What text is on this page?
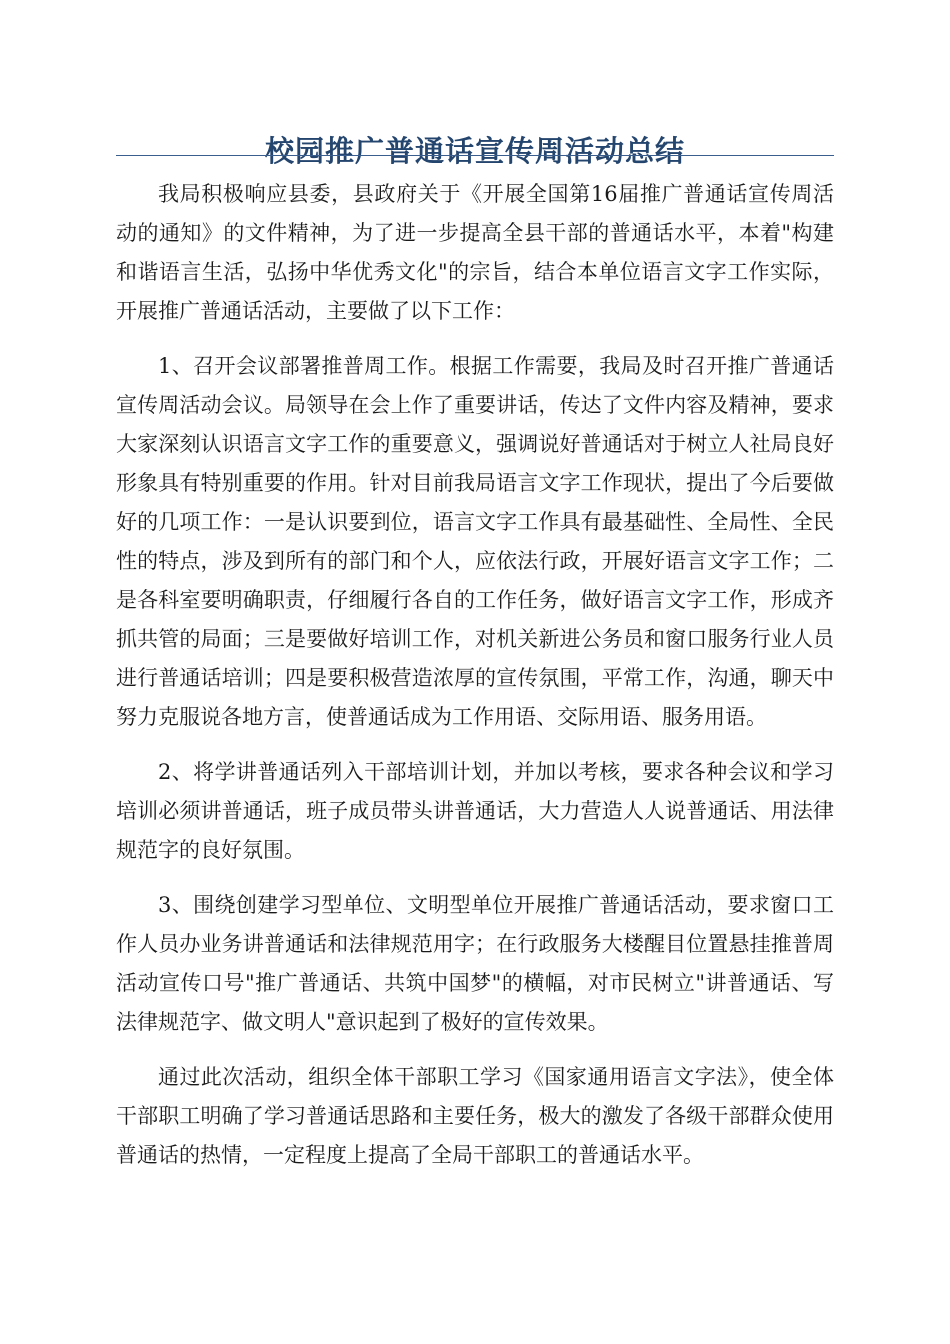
校园推广普通话宣传周活动总结

我局积极响应县委，县政府关于《开展全国第16届推广普通话宣传周活动的通知》的文件精神，为了进一步提高全县干部的普通话水平，本着"构建和谐语言生活，弘扬中华优秀文化"的宗旨，结合本单位语言文字工作实际，开展推广普通话活动，主要做了以下工作：

1、召开会议部署推普周工作。根据工作需要，我局及时召开推广普通话宣传周活动会议。局领导在会上作了重要讲话，传达了文件内容及精神，要求大家深刻认识语言文字工作的重要意义，强调说好普通话对于树立人社局良好形象具有特别重要的作用。针对目前我局语言文字工作现状，提出了今后要做好的几项工作：一是认识要到位，语言文字工作具有最基础性、全局性、全民性的特点，涉及到所有的部门和个人，应依法行政，开展好语言文字工作；二是各科室要明确职责，仔细履行各自的工作任务，做好语言文字工作，形成齐抓共管的局面；三是要做好培训工作，对机关新进公务员和窗口服务行业人员进行普通话培训；四是要积极营造浓厚的宣传氛围，平常工作，沟通，聊天中努力克服说各地方言，使普通话成为工作用语、交际用语、服务用语。

2、将学讲普通话列入干部培训计划，并加以考核，要求各种会议和学习培训必须讲普通话，班子成员带头讲普通话，大力营造人人说普通话、用法律规范字的良好氛围。

3、围绕创建学习型单位、文明型单位开展推广普通话活动，要求窗口工作人员办业务讲普通话和法律规范用字；在行政服务大楼醒目位置悬挂推普周活动宣传口号"推广普通话、共筑中国梦"的横幅，对市民树立"讲普通话、写法律规范字、做文明人"意识起到了极好的宣传效果。

通过此次活动，组织全体干部职工学习《国家通用语言文字法》，使全体干部职工明确了学习普通话思路和主要任务，极大的激发了各级干部群众使用普通话的热情，一定程度上提高了全局干部职工的普通话水平。
